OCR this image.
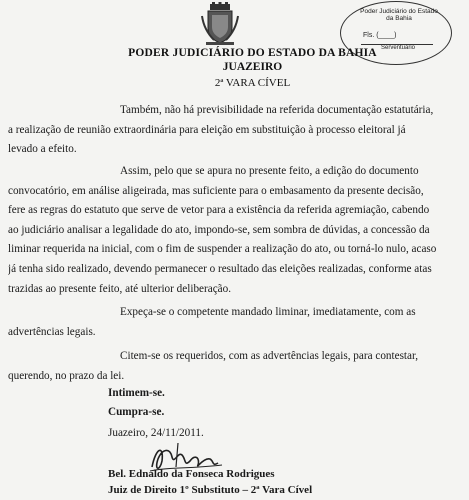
Poder Judiciário do Estado da Bahia
Fls. (____)
Serventuário
PODER JUDICIÁRIO DO ESTADO DA BAHIA
JUAZEIRO
2ª VARA CÍVEL
Também, não há previsibilidade na referida documentação estatutária,
a realização de reunião extraordinária para eleição em substituição à processo eleitoral já
levado a efeito.
Assim, pelo que se apura no presente feito, a edição do documento
convocatório, em análise aligeirada, mas suficiente para o embasamento da presente decisão,
fere as regras do estatuto que serve de vetor para a existência da referida agremiação, cabendo
ao judiciário analisar a legalidade do ato, impondo-se, sem sombra de dúvidas, a concessão da
liminar requerida na inicial, com o fim de suspender a realização do ato, ou torná-lo nulo, acaso
já tenha sido realizado, devendo permanecer o resultado das eleições realizadas, conforme atas
trazidas ao presente feito, até ulterior deliberação.
Expeça-se o competente mandado liminar, imediatamente, com as
advertências legais.
Citem-se os requeridos, com as advertências legais, para contestar,
querendo, no prazo da lei.
Intimem-se.
Cumpra-se.
Juazeiro, 24/11/2011.
Bel. Ednaldo da Fonseca Rodrigues
Juiz de Direito 1º Substituto – 2ª Vara Cível
